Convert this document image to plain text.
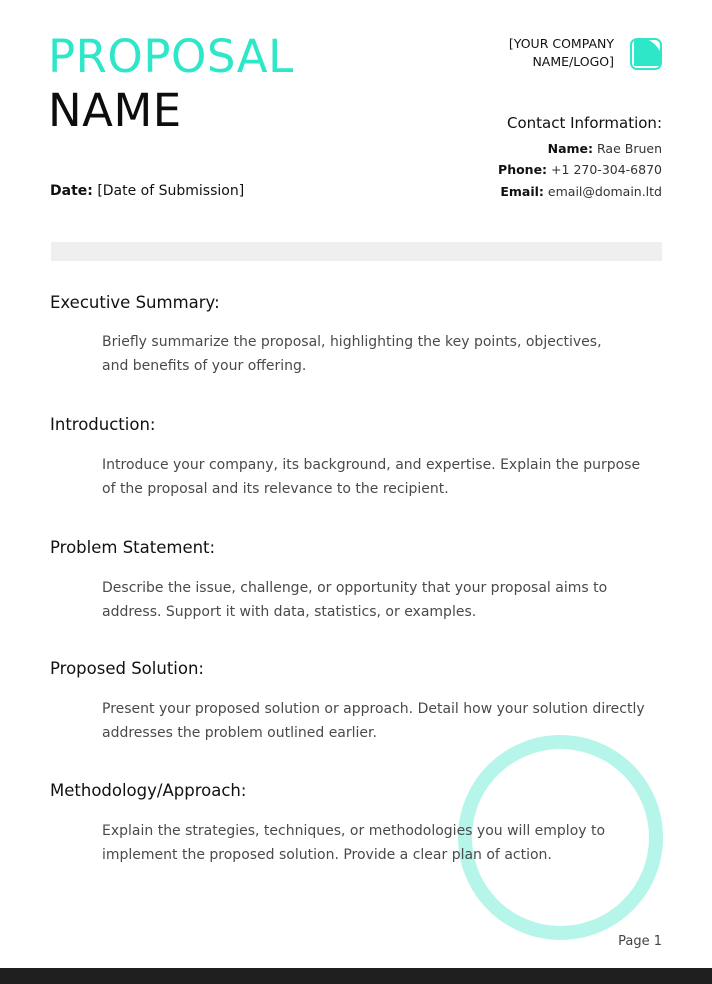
PROPOSAL
NAME
[YOUR COMPANY
NAME/LOGO]
Contact Information:
Name: Rae Bruen
Phone: +1 270-304-6870
Email: email@domain.ltd
Date: [Date of Submission]
Executive Summary:
Briefly summarize the proposal, highlighting the key points, objectives,
and benefits of your offering.
Introduction:
Introduce your company, its background, and expertise. Explain the purpose
of the proposal and its relevance to the recipient.
Problem Statement:
Describe the issue, challenge, or opportunity that your proposal aims to
address. Support it with data, statistics, or examples.
Proposed Solution:
Present your proposed solution or approach. Detail how your solution directly
addresses the problem outlined earlier.
Methodology/Approach:
Explain the strategies, techniques, or methodologies you will employ to
implement the proposed solution. Provide a clear plan of action.
Page 1
